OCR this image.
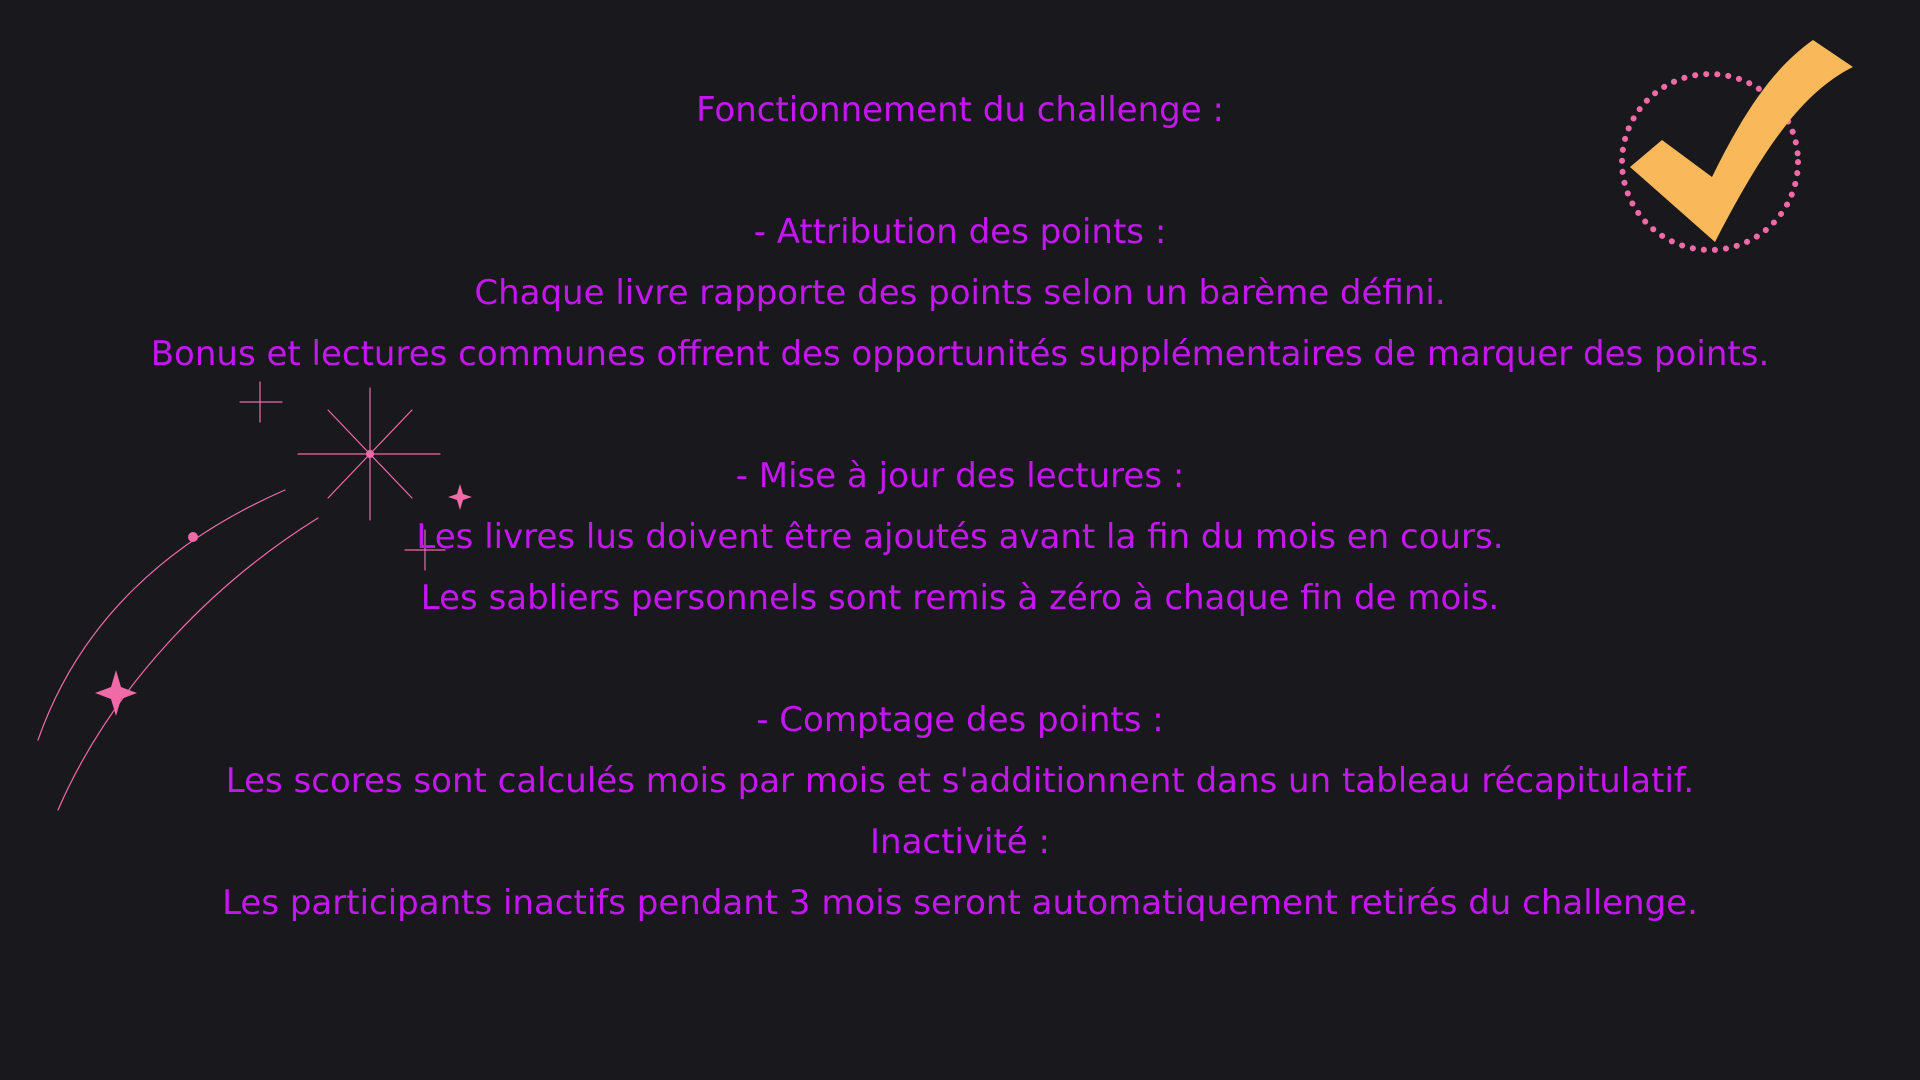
Fonctionnement du challenge :
- Attribution des points :
Chaque livre rapporte des points selon un barème défini.
Bonus et lectures communes offrent des opportunités supplémentaires de marquer des points.
- Mise à jour des lectures :
Les livres lus doivent être ajoutés avant la fin du mois en cours.
Les sabliers personnels sont remis à zéro à chaque fin de mois.
- Comptage des points :
Les scores sont calculés mois par mois et s'additionnent dans un tableau récapitulatif.
Inactivité :
Les participants inactifs pendant 3 mois seront automatiquement retirés du challenge.
